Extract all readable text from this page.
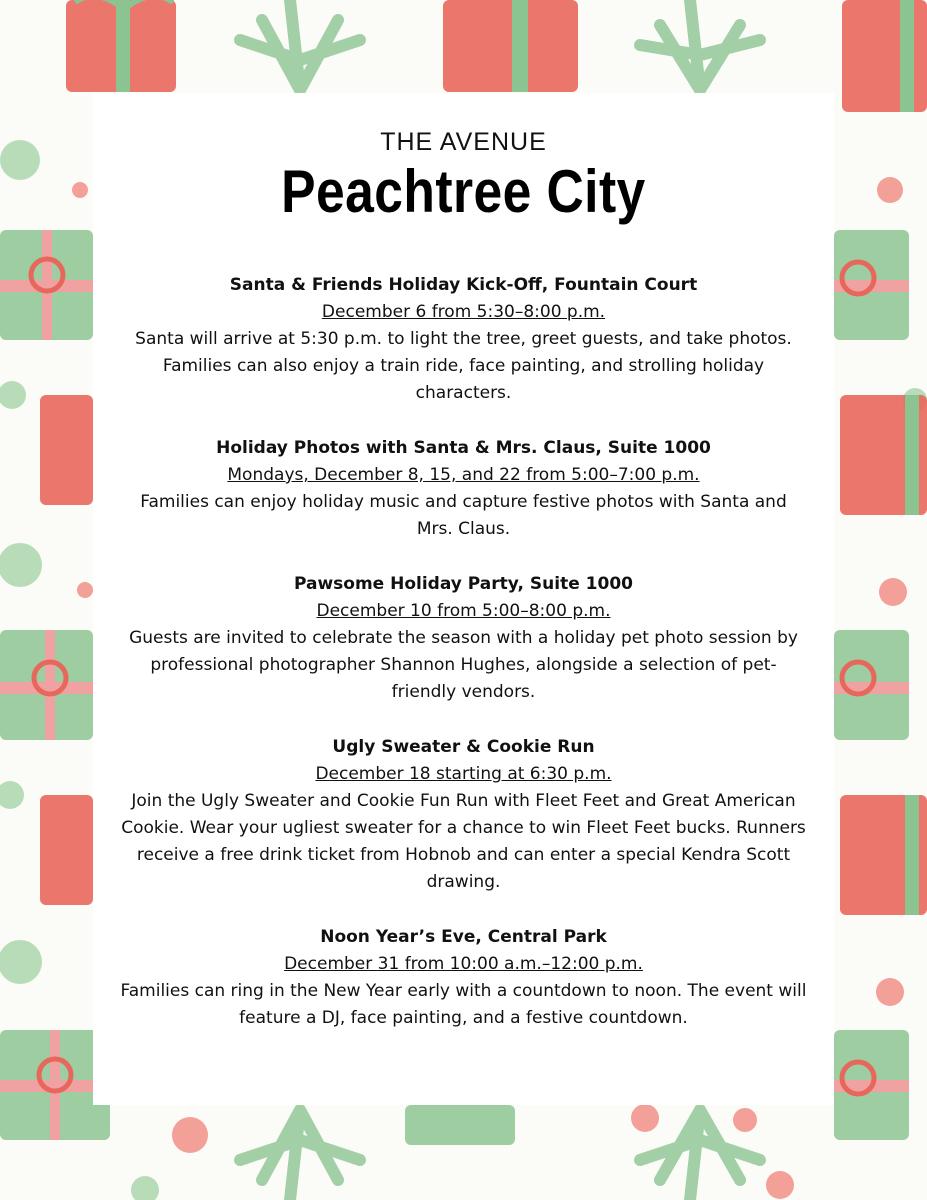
THE AVENUE
Peachtree City
Santa & Friends Holiday Kick-Off, Fountain Court
December 6 from 5:30–8:00 p.m.
Santa will arrive at 5:30 p.m. to light the tree, greet guests, and take photos. Families can also enjoy a train ride, face painting, and strolling holiday characters.
Holiday Photos with Santa & Mrs. Claus, Suite 1000
Mondays, December 8, 15, and 22 from 5:00–7:00 p.m.
Families can enjoy holiday music and capture festive photos with Santa and Mrs. Claus.
Pawsome Holiday Party, Suite 1000
December 10 from 5:00–8:00 p.m.
Guests are invited to celebrate the season with a holiday pet photo session by professional photographer Shannon Hughes, alongside a selection of pet-friendly vendors.
Ugly Sweater & Cookie Run
December 18 starting at 6:30 p.m.
Join the Ugly Sweater and Cookie Fun Run with Fleet Feet and Great American Cookie. Wear your ugliest sweater for a chance to win Fleet Feet bucks. Runners receive a free drink ticket from Hobnob and can enter a special Kendra Scott drawing.
Noon Year’s Eve, Central Park
December 31 from 10:00 a.m.–12:00 p.m.
Families can ring in the New Year early with a countdown to noon. The event will feature a DJ, face painting, and a festive countdown.
